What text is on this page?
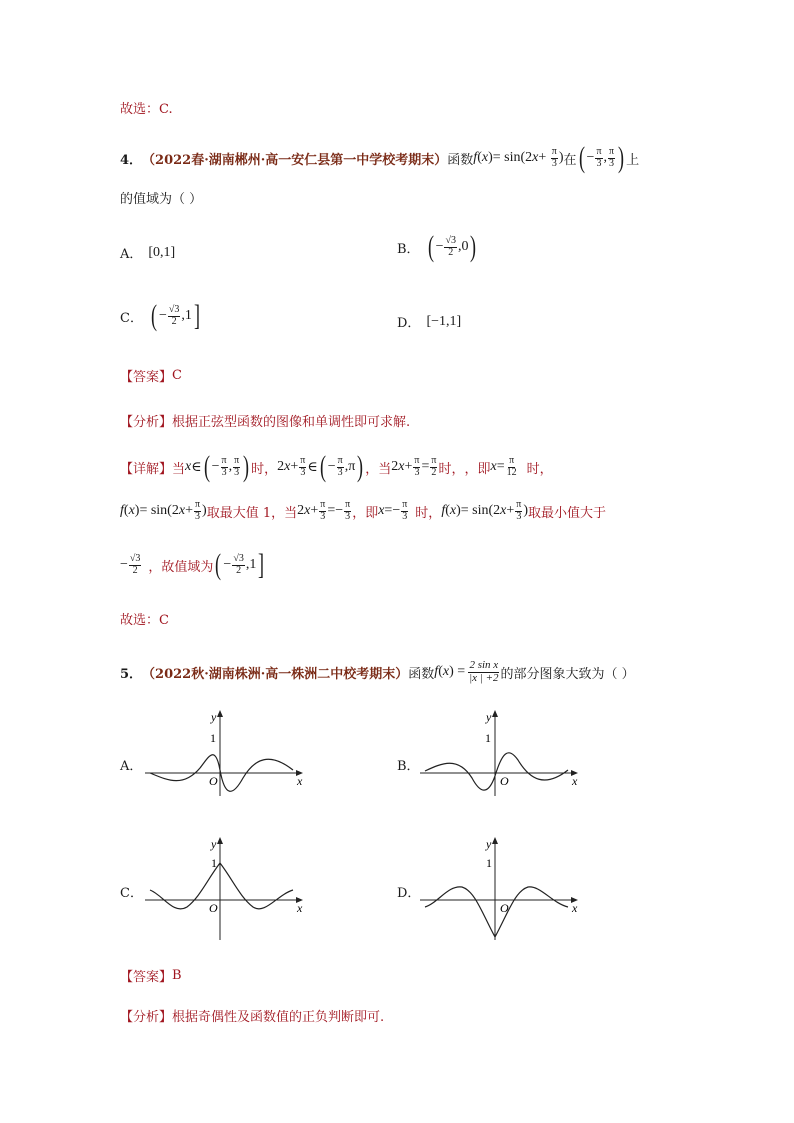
故选：C.
4． （2022春·湖南郴州·高一安仁县第一中学校考期末） 函数 $f(x)= \sin(2x+ \frac{\pi}{3}$ ) 在 ( − $\frac{\pi}{3}$ , $\frac{\pi}{3}$ ) 上
的值域为（ ）
A． [0,1]	B． ( − $\frac{√3}{2} ,0$ )
C． ( − $\frac{√3}{2} ,1$ ]	D． [−1,1]
【答案】 C
【分析】 根据正弦型函数的图像和单调性即可求解.
【详解】 当 x ∈ ( − $\frac{\pi}{3}$ , $\frac{\pi}{3}$ ) 时， 2 $x + \frac{\pi}{3}$ ∈ ( − $\frac{\pi}{3} ,\pi$ ) ，当 2 $x + \frac{\pi}{3} = \frac{\pi}{2}$ 时， ，即 $x = \frac{\pi}{12}$ 时，
f ( x ) = sin(2 $x + \frac{\pi}{3}$ ) 取最大值 1，当 2 $x + \frac{\pi}{3}$ = − $\frac{\pi}{3}$ ，即 x = − $\frac{\pi}{3}$ 时， f ( x ) = sin(2 $x + \frac{\pi}{3}$ ) 取最小值大于
− $\frac{√3}{2}$ ，故值域为 ( − $\frac{√3}{2} ,1$ ]
故选：C
5． （2022秋·湖南株洲·高一株洲二中校考期末） 函数 f ( x ) = $\frac{\text{2 sin x}}{|x | +2}$ 的部分图象大致为（ ）
A．	B．
C．	D．
y
x
O
1
y
x
O
1
y
x
O
1
y
x
O
1
【答案】 B
【分析】 根据奇偶性及函数值的正负判断即可.
